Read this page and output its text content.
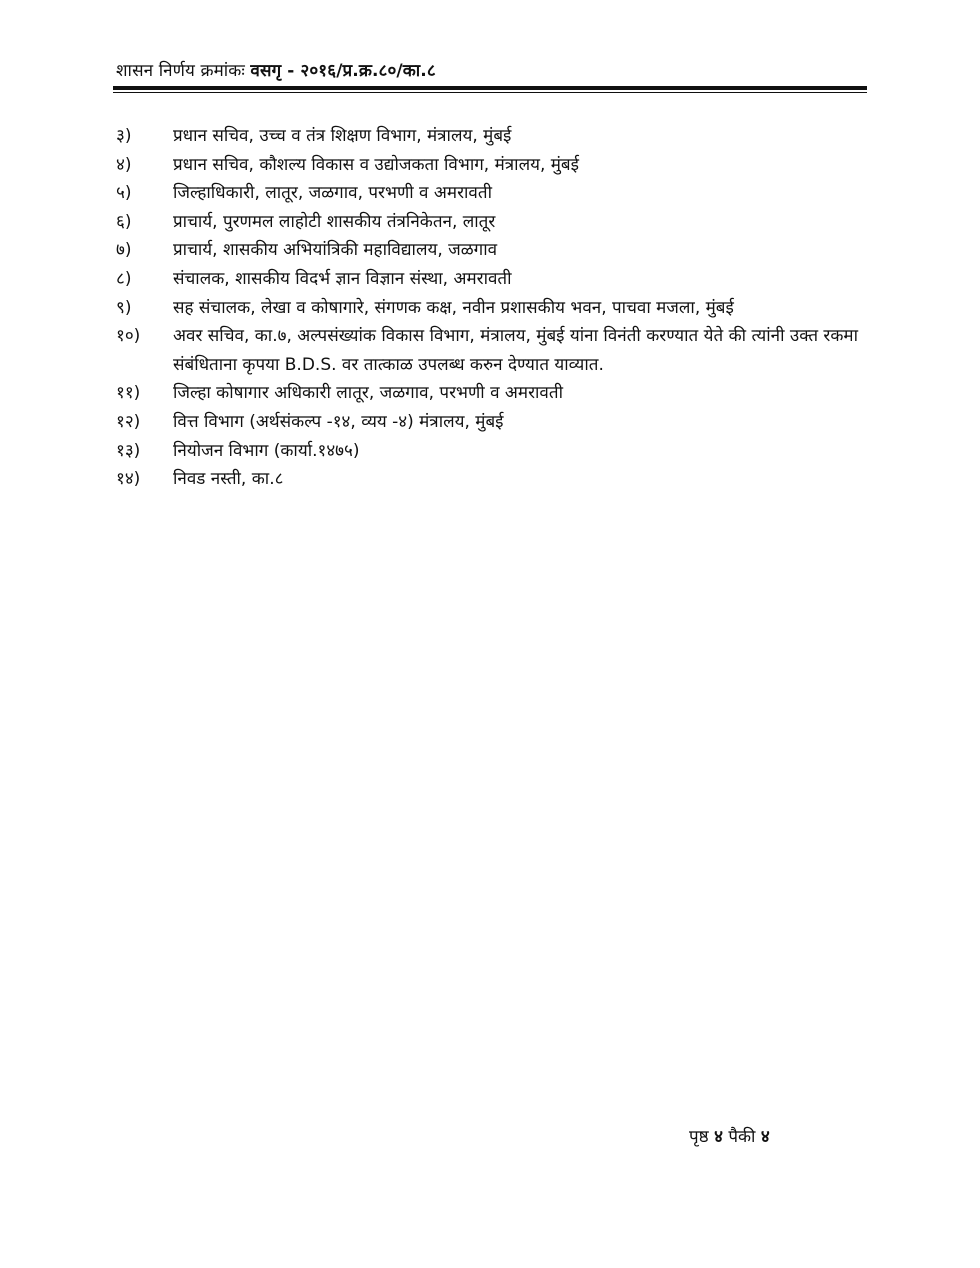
शासन निर्णय क्रमांकः वसगृ - २०१६/प्र.क्र.८०/का.८
३)	प्रधान सचिव, उच्च व तंत्र शिक्षण विभाग, मंत्रालय, मुंबई
४)	प्रधान सचिव, कौशल्य विकास व उद्योजकता विभाग, मंत्रालय, मुंबई
५)	जिल्हाधिकारी, लातूर, जळगाव, परभणी व अमरावती
६)	प्राचार्य, पुरणमल लाहोटी शासकीय तंत्रनिकेतन, लातूर
७)	प्राचार्य, शासकीय अभियांत्रिकी महाविद्यालय, जळगाव
८)	संचालक, शासकीय विदर्भ ज्ञान विज्ञान संस्था, अमरावती
९)	सह संचालक, लेखा व कोषागारे, संगणक कक्ष, नवीन प्रशासकीय भवन, पाचवा मजला, मुंबई
१०)	अवर सचिव, का.७, अल्पसंख्यांक विकास विभाग, मंत्रालय, मुंबई यांना विनंती करण्यात येते की त्यांनी उक्त रकमा संबंधिताना कृपया B.D.S. वर तात्काळ उपलब्ध करुन देण्यात याव्यात.
११)	जिल्हा कोषागार अधिकारी लातूर, जळगाव, परभणी व अमरावती
१२)	वित्त विभाग (अर्थसंकल्प -१४, व्यय -४) मंत्रालय, मुंबई
१३)	नियोजन विभाग (कार्या.१४७५)
१४)	निवड नस्ती, का.८
पृष्ठ ४ पैकी ४
